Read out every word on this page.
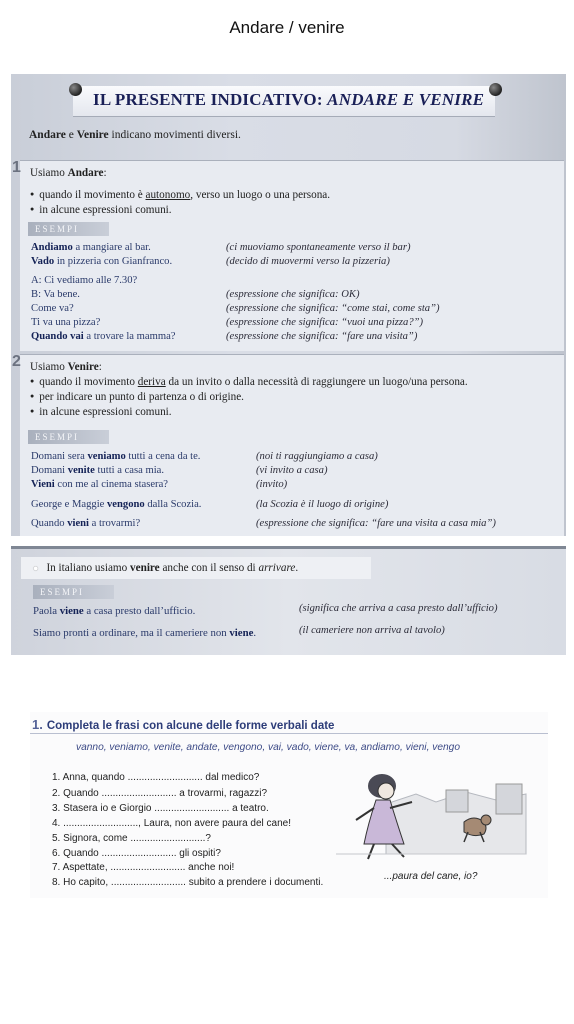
Andare / venire
IL PRESENTE INDICATIVO: ANDARE E VENIRE
Andare e Venire indicano movimenti diversi.
1 Usiamo Andare:
● quando il movimento è autonomo, verso un luogo o una persona.
● in alcune espressioni comuni.
ESEMPI
Andiamo a mangiare al bar.	(ci muoviamo spontaneamente verso il bar)
Vado in pizzeria con Gianfranco.	(decido di muovermi verso la pizzeria)
A: Ci vediamo alle 7.30?
B: Va bene.	(espressione che significa: OK)
Come va?	(espressione che significa: “come stai, come sta”)
Ti va una pizza?	(espressione che significa: “vuoi una pizza?”)
Quando vai a trovare la mamma?	(espressione che significa: “fare una visita”)
2 Usiamo Venire:
● quando il movimento deriva da un invito o dalla necessità di raggiungere un luogo/una persona.
● per indicare un punto di partenza o di origine.
● in alcune espressioni comuni.
ESEMPI
Domani sera veniamo tutti a cena da te.	(noi ti raggiungiamo a casa)
Domani venite tutti a casa mia.	(vi invito a casa)
Vieni con me al cinema stasera?	(invito)
George e Maggie vengono dalla Scozia.	(la Scozia è il luogo di origine)
Quando vieni a trovarmi?	(espressione che significa: “fare una visita a casa mia”)
● In italiano usiamo venire anche con il senso di arrivare.
ESEMPI
Paola viene a casa presto dall’ufficio.	(significa che arriva a casa presto dall’ufficio)
Siamo pronti a ordinare, ma il cameriere non viene.	(il cameriere non arriva al tavolo)
1. Completa le frasi con alcune delle forme verbali date
vanno, veniamo, venite, andate, vengono, vai, vado, viene, va, andiamo, vieni, vengo
1. Anna, quando ........................... dal medico?
2. Quando ........................... a trovarmi, ragazzi?
3. Stasera io e Giorgio ........................... a teatro.
4. ..........................., Laura, non avere paura del cane!
5. Signora, come ...........................?
6. Quando ........................... gli ospiti?
7. Aspettate, ........................... anche noi!
8. Ho capito, ........................... subito a prendere i documenti.
...paura del cane, io?
